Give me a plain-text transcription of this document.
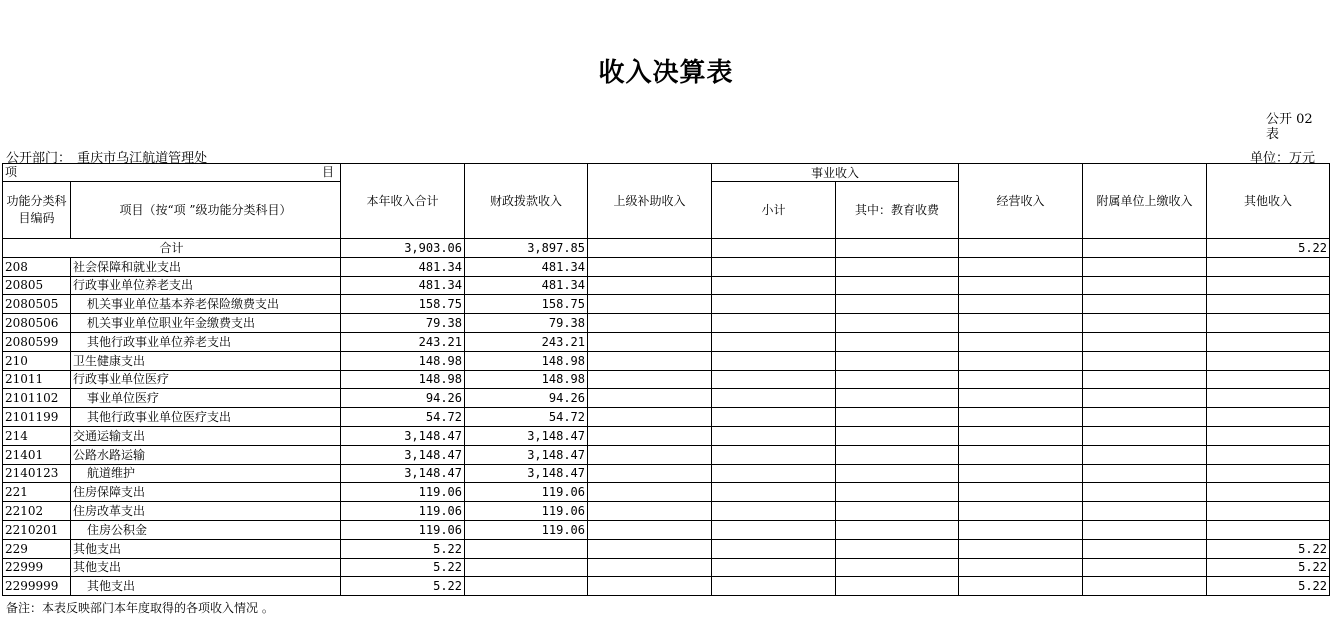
收入决算表
公开 02 表
公开部门： 重庆市乌江航道管理处	单位：万元
项 目		本年收入合计	财政拨款收入	上级补助收入	事业收入		经营收入	附属单位上缴收入	其他收入
功能分类科目编码	项目（按“项 ”级功能分类科目）				小计	其中：教育收费			
合计		3,903.06	3,897.85						5.22
208	社会保障和就业支出	481.34	481.34						
20805	行政事业单位养老支出	481.34	481.34						
2080505	机关事业单位基本养老保险缴费支出	158.75	158.75						
2080506	机关事业单位职业年金缴费支出	79.38	79.38						
2080599	其他行政事业单位养老支出	243.21	243.21						
210	卫生健康支出	148.98	148.98						
21011	行政事业单位医疗	148.98	148.98						
2101102	事业单位医疗	94.26	94.26						
2101199	其他行政事业单位医疗支出	54.72	54.72						
214	交通运输支出	3,148.47	3,148.47						
21401	公路水路运输	3,148.47	3,148.47						
2140123	航道维护	3,148.47	3,148.47						
221	住房保障支出	119.06	119.06						
22102	住房改革支出	119.06	119.06						
2210201	住房公积金	119.06	119.06						
229	其他支出	5.22							5.22
22999	其他支出	5.22							5.22
2299999	其他支出	5.22							5.22
备注：本表反映部门本年度取得的各项收入情况 。
